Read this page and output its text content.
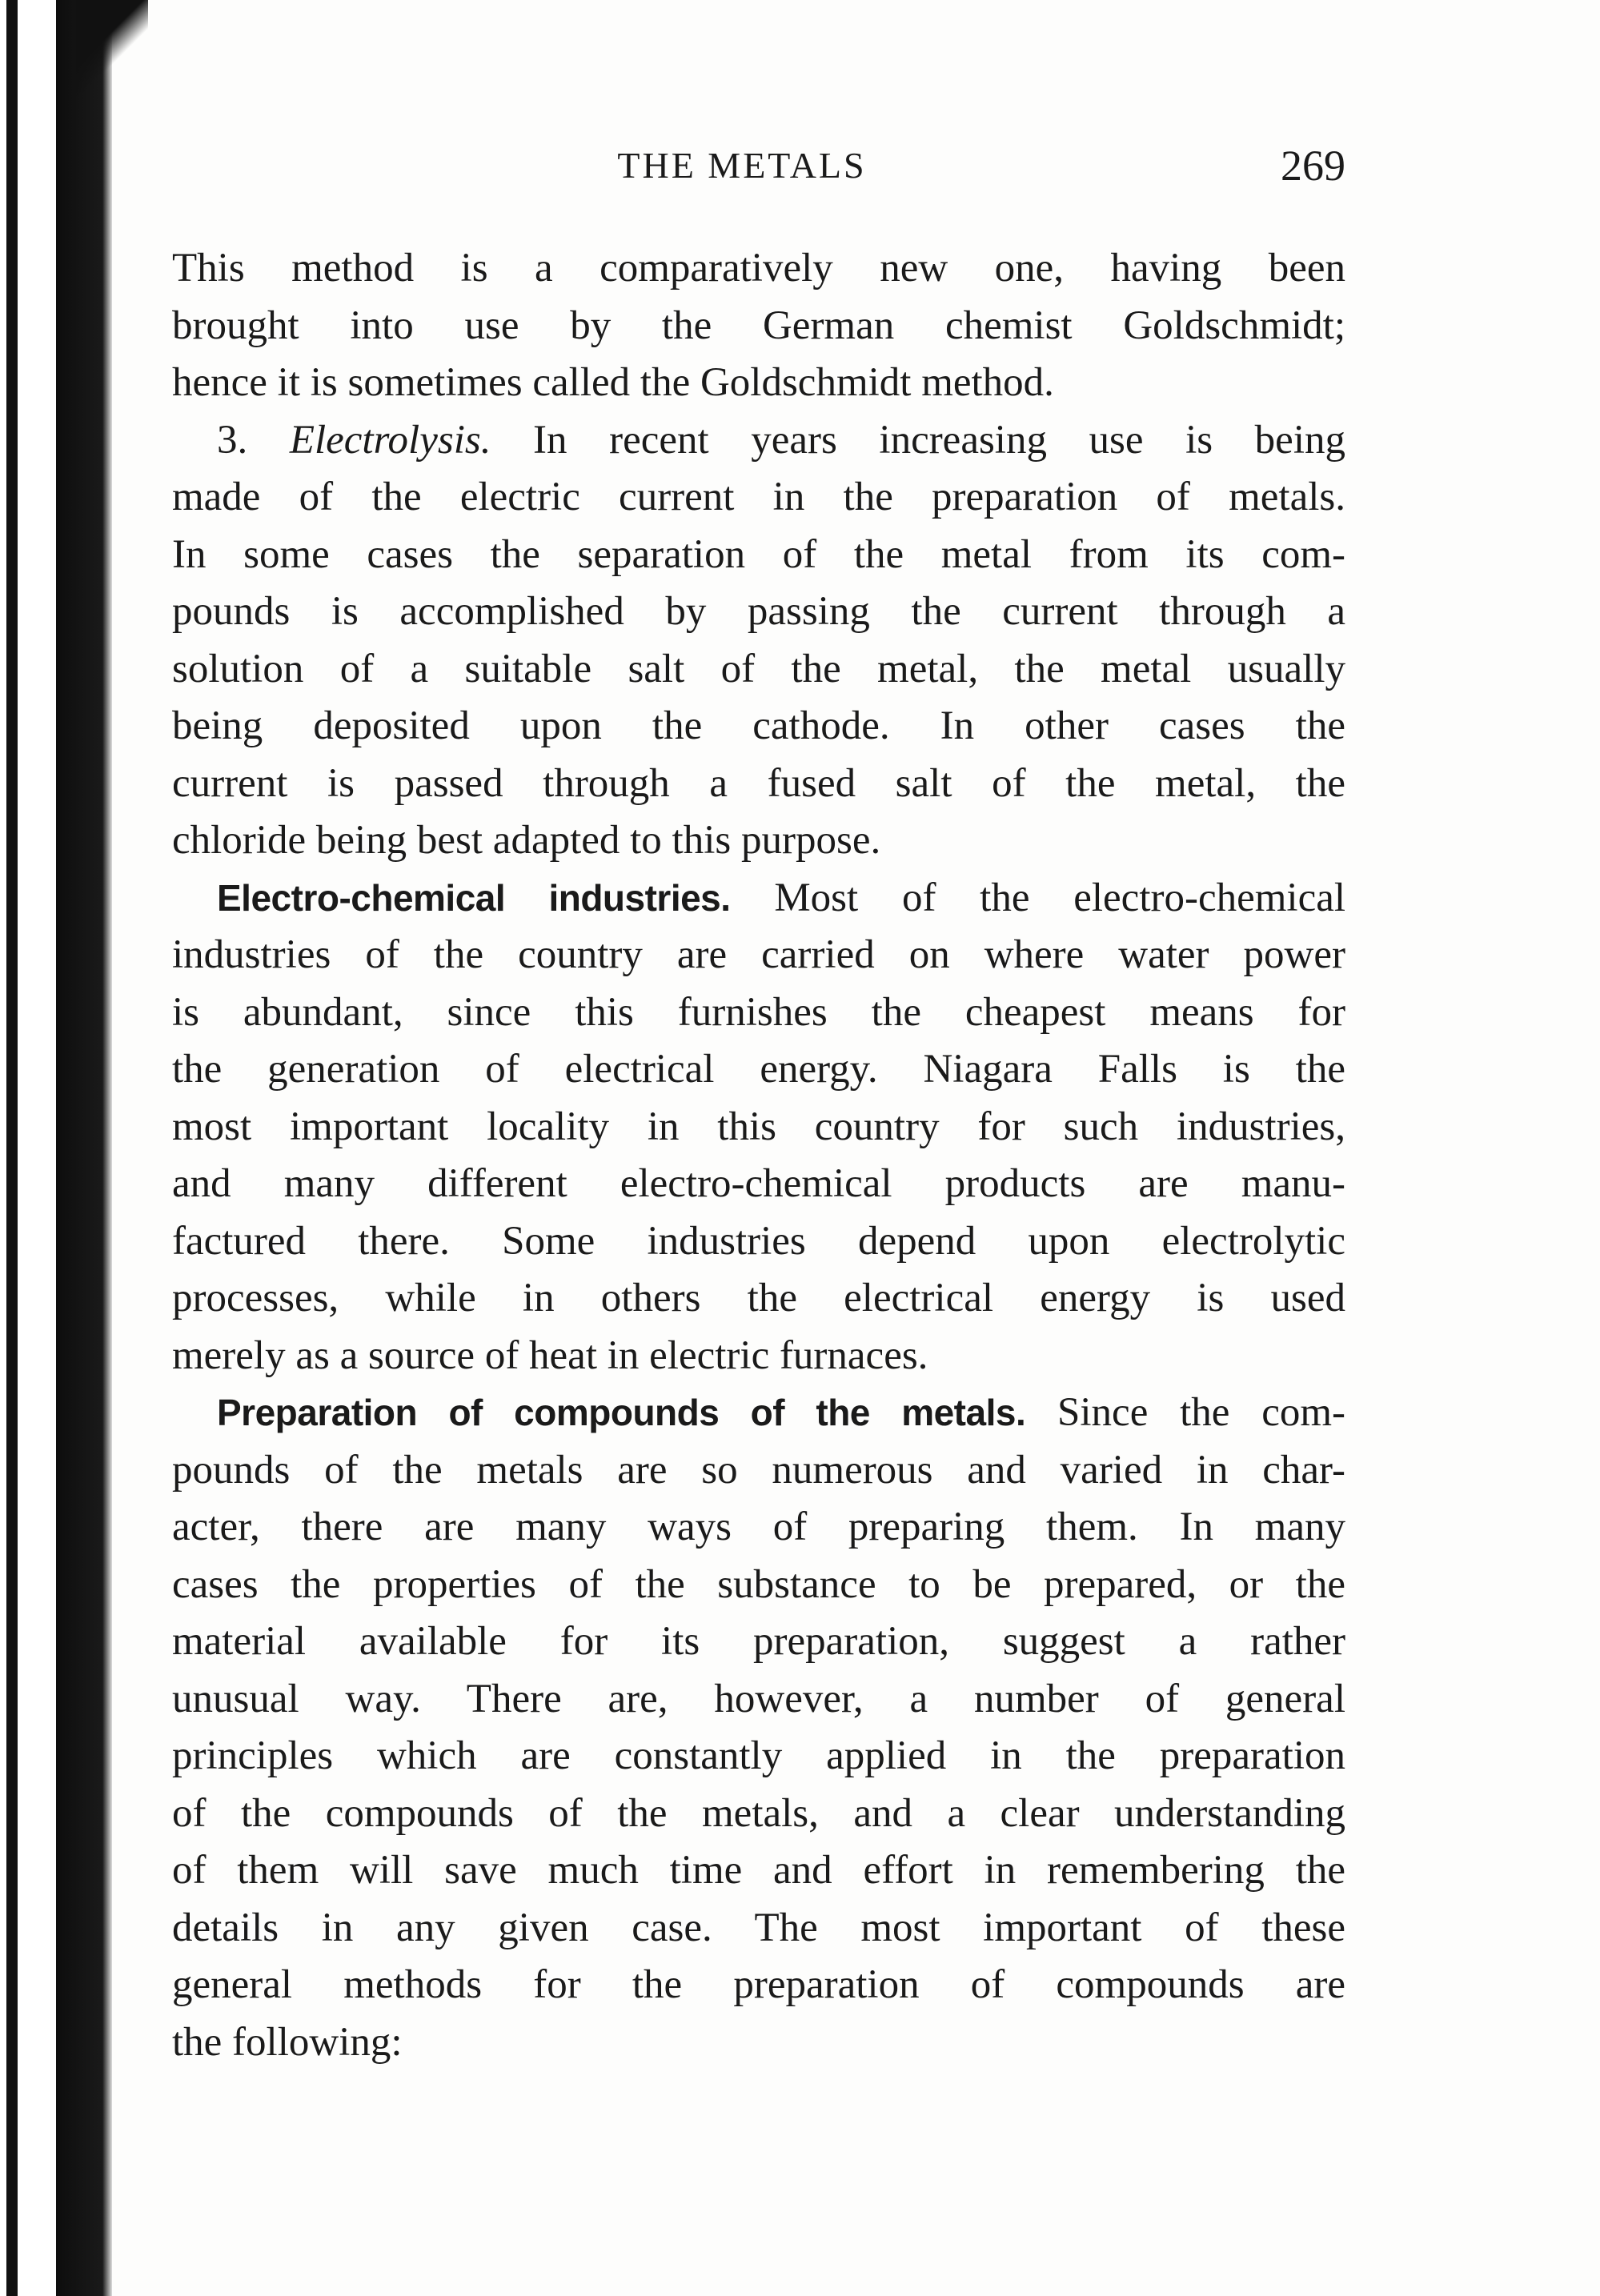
THE METALS	269
This method is a comparatively new one, having been
brought into use by the German chemist Goldschmidt;
hence it is sometimes called the Goldschmidt method.
3. Electrolysis. In recent years increasing use is being
made of the electric current in the preparation of metals.
In some cases the separation of the metal from its com-
pounds is accomplished by passing the current through a
solution of a suitable salt of the metal, the metal usually
being deposited upon the cathode. In other cases the
current is passed through a fused salt of the metal, the
chloride being best adapted to this purpose.
Electro-chemical industries. Most of the electro-chemical
industries of the country are carried on where water power
is abundant, since this furnishes the cheapest means for
the generation of electrical energy. Niagara Falls is the
most important locality in this country for such industries,
and many different electro-chemical products are manu-
factured there. Some industries depend upon electrolytic
processes, while in others the electrical energy is used
merely as a source of heat in electric furnaces.
Preparation of compounds of the metals. Since the com-
pounds of the metals are so numerous and varied in char-
acter, there are many ways of preparing them. In many
cases the properties of the substance to be prepared, or the
material available for its preparation, suggest a rather
unusual way. There are, however, a number of general
principles which are constantly applied in the preparation
of the compounds of the metals, and a clear understanding
of them will save much time and effort in remembering the
details in any given case. The most important of these
general methods for the preparation of compounds are
the following:
